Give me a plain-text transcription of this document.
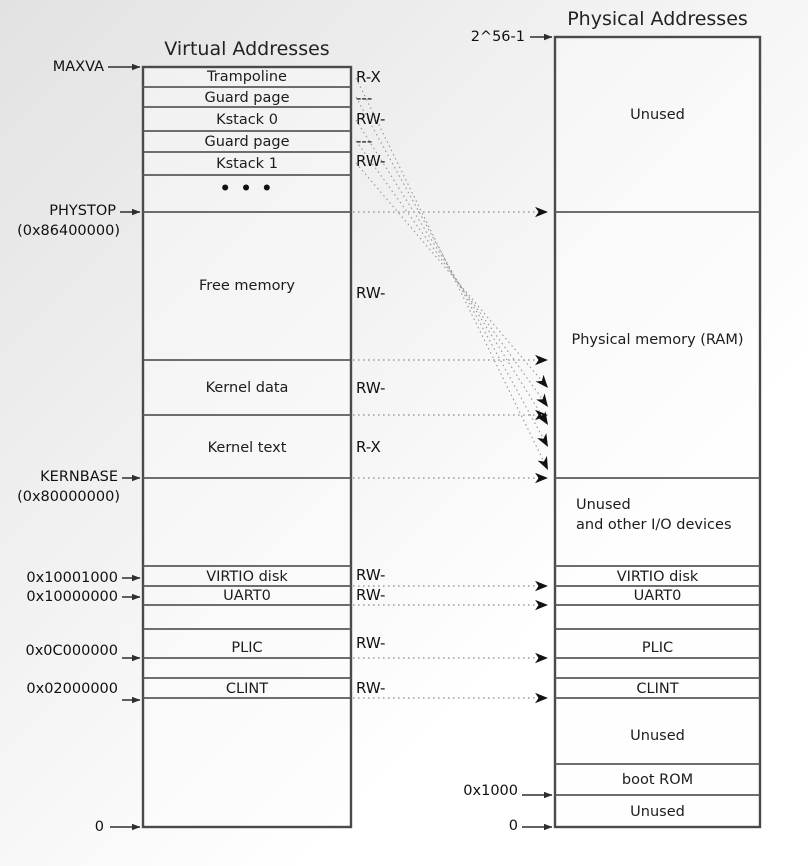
Virtual Addresses
Physical Addresses
MAXVA
PHYSTOP
(0x86400000)
KERNBASE
(0x80000000)
0x10001000
0x10000000
0x0C000000
0x02000000
0
Trampoline
Guard page
Kstack 0
Guard page
Kstack 1
• • •
Free memory
Kernel data
Kernel text
VIRTIO disk
UART0
PLIC
CLINT
R-X
---
RW-
---
RW-
RW-
RW-
R-X
RW-
RW-
RW-
RW-
2^56-1
0x1000
0
Unused
Physical memory (RAM)
Unused
and other I/O devices
VIRTIO disk
UART0
PLIC
CLINT
Unused
boot ROM
Unused
